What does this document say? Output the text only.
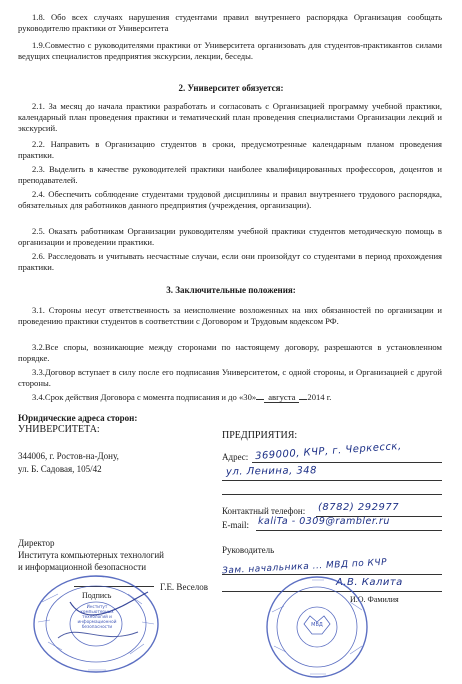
1.8. Обо всех случаях нарушения студентами правил внутреннего распорядка Организация сообщать руководителю практики от Университета

1.9.Совместно с руководителями практики от Университета организовать для студентов-практикантов силами ведущих специалистов предприятия экскурсии, лекции, беседы.

2. Университет обязуется:

2.1. За месяц до начала практики разработать и согласовать с Организацией программу учебной практики, календарный план проведения практики и тематический план проведения специалистами Организации лекций и экскурсий.

2.2. Направить в Организацию студентов в сроки, предусмотренные календарным планом проведения практики.

2.3. Выделить в качестве руководителей практики наиболее квалифицированных профессоров, доцентов и преподавателей.

2.4. Обеспечить соблюдение студентами трудовой дисциплины и правил внутреннего трудового распорядка, обязательных для работников данного предприятия (учреждения, организации).

2.5. Оказать работникам Организации руководителям учебной практики студентов методическую помощь в организации и проведении практики.

2.6. Расследовать и учитывать несчастные случаи, если они произойдут со студентами в период прохождения практики.

3. Заключительные положения:

3.1. Стороны несут ответственность за неисполнение возложенных на них обязанностей по организации и проведению практики студентов в соответствии с Договором и Трудовым кодексом РФ.

3.2.Все споры, возникающие между сторонами по настоящему договору, разрешаются в установленном порядке.

3.3.Договор вступает в силу после его подписания Университетом, с одной стороны, и Организацией с другой стороны.

3.4.Срок действия Договора с момента подписания и до «30» августа 2014 г.

Юридические адреса сторон:
УНИВЕРСИТЕТА:
344006, г. Ростов-на-Дону,
ул. Б. Садовая, 105/42
ПРЕДПРИЯТИЯ:
Адрес: 369000, КЧР, г. Черкесск,
ул. Ленина, 348
Контактный телефон: (8782) 292977
E-mail: kaliTa - 0309@rambler.ru
Директор
Института компьютерных технологий
и информационной безопасности
Подпись
Г.Е. Веселов
Руководитель
Зам. начальника ... МВД по КЧР
А.В. Калита
И.О. Фамилия
Институт компьютерных технологий и информационной безопасности	МВД
